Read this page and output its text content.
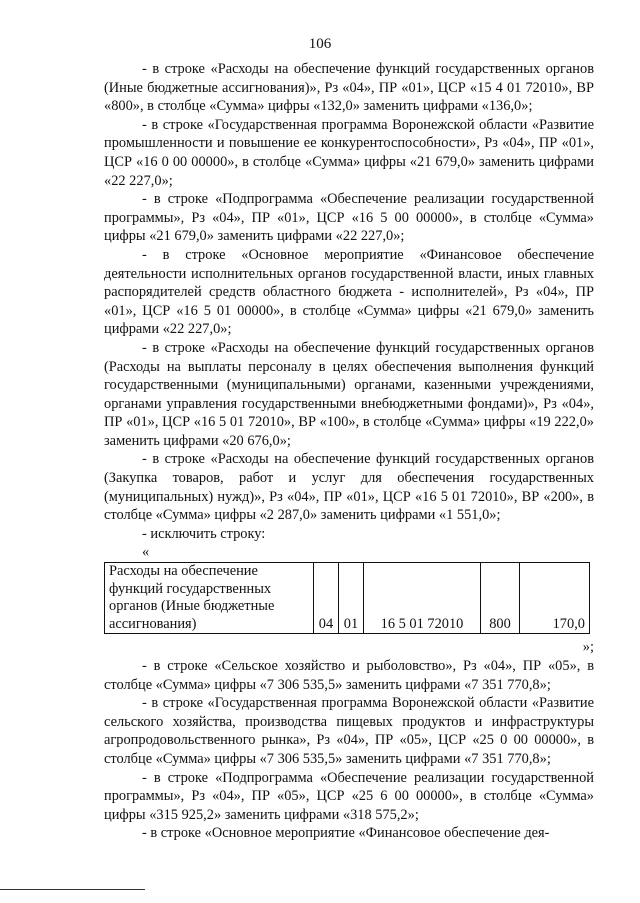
106

- в строке «Расходы на обеспечение функций государственных органов (Иные бюджетные ассигнования)», Рз «04», ПР «01», ЦСР «15 4 01 72010», ВР «800», в столбце «Сумма» цифры «132,0» заменить цифрами «136,0»;

- в строке «Государственная программа Воронежской области «Развитие промышленности и повышение ее конкурентоспособности», Рз «04», ПР «01», ЦСР «16 0 00 00000», в столбце «Сумма» цифры «21 679,0» заменить цифрами «22 227,0»;

- в строке «Подпрограмма «Обеспечение реализации государственной программы», Рз «04», ПР «01», ЦСР «16 5 00 00000», в столбце «Сумма» цифры «21 679,0» заменить цифрами «22 227,0»;

- в строке «Основное мероприятие «Финансовое обеспечение деятельности исполнительных органов государственной власти, иных главных распорядителей средств областного бюджета - исполнителей», Рз «04», ПР «01», ЦСР «16 5 01 00000», в столбце «Сумма» цифры «21 679,0» заменить цифрами «22 227,0»;

- в строке «Расходы на обеспечение функций государственных органов (Расходы на выплаты персоналу в целях обеспечения выполнения функций государственными (муниципальными) органами, казенными учреждениями, органами управления государственными внебюджетными фондами)», Рз «04», ПР «01», ЦСР «16 5 01 72010», ВР «100», в столбце «Сумма» цифры «19 222,0» заменить цифрами «20 676,0»;

- в строке «Расходы на обеспечение функций государственных органов (Закупка товаров, работ и услуг для обеспечения государственных (муниципальных) нужд)», Рз «04», ПР «01», ЦСР «16 5 01 72010», ВР «200», в столбце «Сумма» цифры «2 287,0» заменить цифрами «1 551,0»;

- исключить строку:

«

Расходы на обеспечение функций государственных органов (Иные бюджетные ассигнования)	04	01	16 5 01 72010	800	170,0
»;

- в строке «Сельское хозяйство и рыболовство», Рз «04», ПР «05», в столбце «Сумма» цифры «7 306 535,5» заменить цифрами «7 351 770,8»;

- в строке «Государственная программа Воронежской области «Развитие сельского хозяйства, производства пищевых продуктов и инфраструктуры агропродовольственного рынка», Рз «04», ПР «05», ЦСР «25 0 00 00000», в столбце «Сумма» цифры «7 306 535,5» заменить цифрами «7 351 770,8»;

- в строке «Подпрограмма «Обеспечение реализации государственной программы», Рз «04», ПР «05», ЦСР «25 6 00 00000», в столбце «Сумма» цифры «315 925,2» заменить цифрами «318 575,2»;

- в строке «Основное мероприятие «Финансовое обеспечение дея-
